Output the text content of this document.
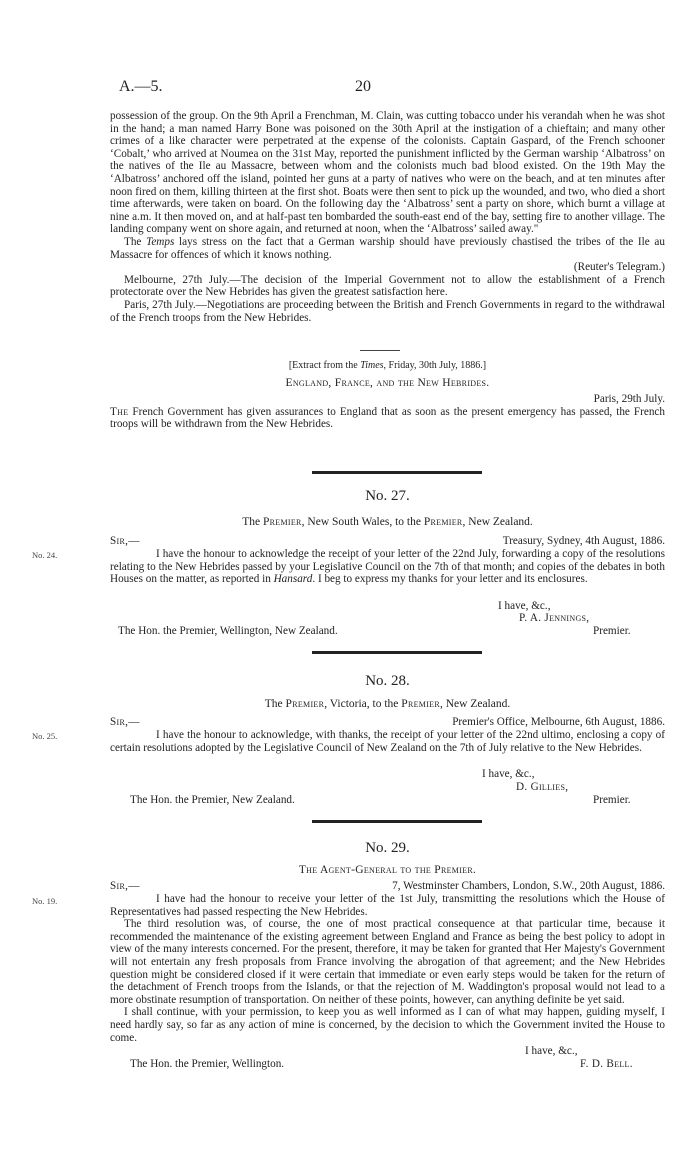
A.—5.	20

possession of the group. On the 9th April a Frenchman, M. Clain, was cutting tobacco under his verandah when he was shot in the hand; a man named Harry Bone was poisoned on the 30th April at the instigation of a chieftain; and many other crimes of a like character were perpetrated at the expense of the colonists. Captain Gaspard, of the French schooner ‘Cobalt,’ who arrived at Noumea on the 31st May, reported the punishment inflicted by the German warship ‘Albatross’ on the natives of the Ile au Massacre, between whom and the colonists much bad blood existed. On the 19th May the ‘Albatross’ anchored off the island, pointed her guns at a party of natives who were on the beach, and at ten minutes after noon fired on them, killing thirteen at the first shot. Boats were then sent to pick up the wounded, and two, who died a short time afterwards, were taken on board. On the following day the ‘Albatross’ sent a party on shore, which burnt a village at nine a.m. It then moved on, and at half-past ten bombarded the south-east end of the bay, setting fire to another village. The landing company went on shore again, and returned at noon, when the ‘Albatross’ sailed away."

The Temps lays stress on the fact that a German warship should have previously chastised the tribes of the Ile au Massacre for offences of which it knows nothing.

(Reuter's Telegram.)

Melbourne, 27th July.—The decision of the Imperial Government not to allow the establishment of a French protectorate over the New Hebrides has given the greatest satisfaction here.

Paris, 27th July.—Negotiations are proceeding between the British and French Governments in regard to the withdrawal of the French troops from the New Hebrides.

[Extract from the Times, Friday, 30th July, 1886.]
England, France, and the New Hebrides.

Paris, 29th July.

The French Government has given assurances to England that as soon as the present emergency has passed, the French troops will be withdrawn from the New Hebrides.

No. 27.
The Premier, New South Wales, to the Premier, New Zealand.
Sir,—	Treasury, Sydney, 4th August, 1886.
No. 24.	I have the honour to acknowledge the receipt of your letter of the 22nd July, forwarding a copy of the resolutions relating to the New Hebrides passed by your Legislative Council on the 7th of that month; and copies of the debates in both Houses on the matter, as reported in Hansard. I beg to express my thanks for your letter and its enclosures.

I have, &c.,
P. A. Jennings,
The Hon. the Premier, Wellington, New Zealand.	Premier.
No. 28.
The Premier, Victoria, to the Premier, New Zealand.
Sir,—	Premier's Office, Melbourne, 6th August, 1886.
No. 25.	I have the honour to acknowledge, with thanks, the receipt of your letter of the 22nd ultimo, enclosing a copy of certain resolutions adopted by the Legislative Council of New Zealand on the 7th of July relative to the New Hebrides.

I have, &c.,
D. Gillies,
The Hon. the Premier, New Zealand.	Premier.
No. 29.
The Agent-General to the Premier.
Sir,—	7, Westminster Chambers, London, S.W., 20th August, 1886.
No. 19.	I have had the honour to receive your letter of the 1st July, transmitting the resolutions which the House of Representatives had passed respecting the New Hebrides.

The third resolution was, of course, the one of most practical consequence at that particular time, because it recommended the maintenance of the existing agreement between England and France as being the best policy to adopt in view of the many interests concerned. For the present, therefore, it may be taken for granted that Her Majesty's Government will not entertain any fresh proposals from France involving the abrogation of that agreement; and the New Hebrides question might be considered closed if it were certain that immediate or even early steps would be taken for the return of the detachment of French troops from the Islands, or that the rejection of M. Waddington's proposal would not lead to a more obstinate resumption of transportation. On neither of these points, however, can anything definite be yet said.

I shall continue, with your permission, to keep you as well informed as I can of what may happen, guiding myself, I need hardly say, so far as any action of mine is concerned, by the decision to which the Government invited the House to come.

I have, &c.,
The Hon. the Premier, Wellington.	F. D. Bell.
